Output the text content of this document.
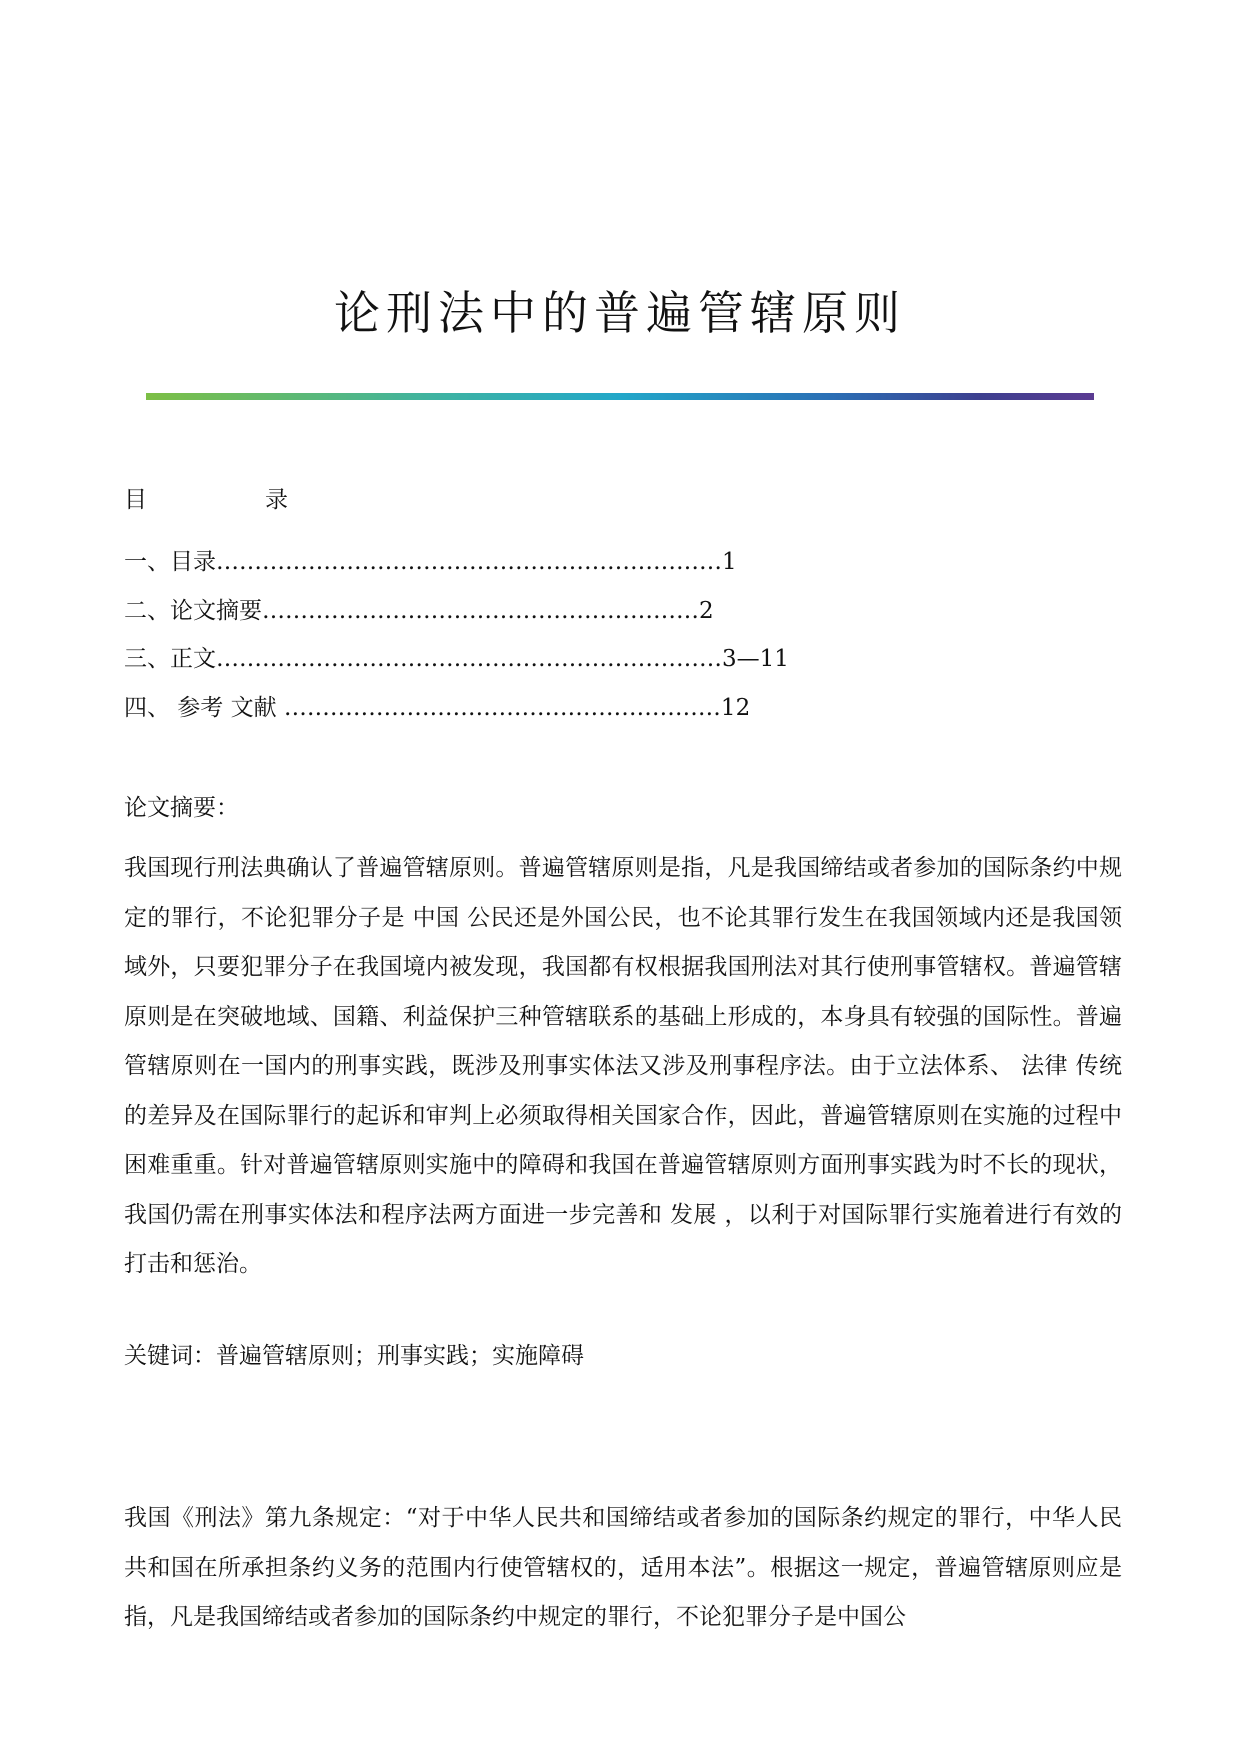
论刑法中的普遍管辖原则
目	录
一、目录…………………………………………………………1
二、论文摘要…………………………………………………2
三、正文…………………………………………………………3—11
四、 参考 文献 …………………………………………………12
论文摘要：

我国现行刑法典确认了普遍管辖原则。普遍管辖原则是指，凡是我国缔结或者参加的国际条约中规定的罪行，不论犯罪分子是 中国 公民还是外国公民，也不论其罪行发生在我国领域内还是我国领域外，只要犯罪分子在我国境内被发现，我国都有权根据我国刑法对其行使刑事管辖权。普遍管辖原则是在突破地域、国籍、利益保护三种管辖联系的基础上形成的，本身具有较强的国际性。普遍管辖原则在一国内的刑事实践，既涉及刑事实体法又涉及刑事程序法。由于立法体系、 法律 传统的差异及在国际罪行的起诉和审判上必须取得相关国家合作，因此，普遍管辖原则在实施的过程中困难重重。针对普遍管辖原则实施中的障碍和我国在普遍管辖原则方面刑事实践为时不长的现状，我国仍需在刑事实体法和程序法两方面进一步完善和 发展 ，以利于对国际罪行实施着进行有效的打击和惩治。

关键词：普遍管辖原则；刑事实践；实施障碍

我国《刑法》第九条规定：“对于中华人民共和国缔结或者参加的国际条约规定的罪行，中华人民共和国在所承担条约义务的范围内行使管辖权的，适用本法”。根据这一规定，普遍管辖原则应是指，凡是我国缔结或者参加的国际条约中规定的罪行，不论犯罪分子是中国公
